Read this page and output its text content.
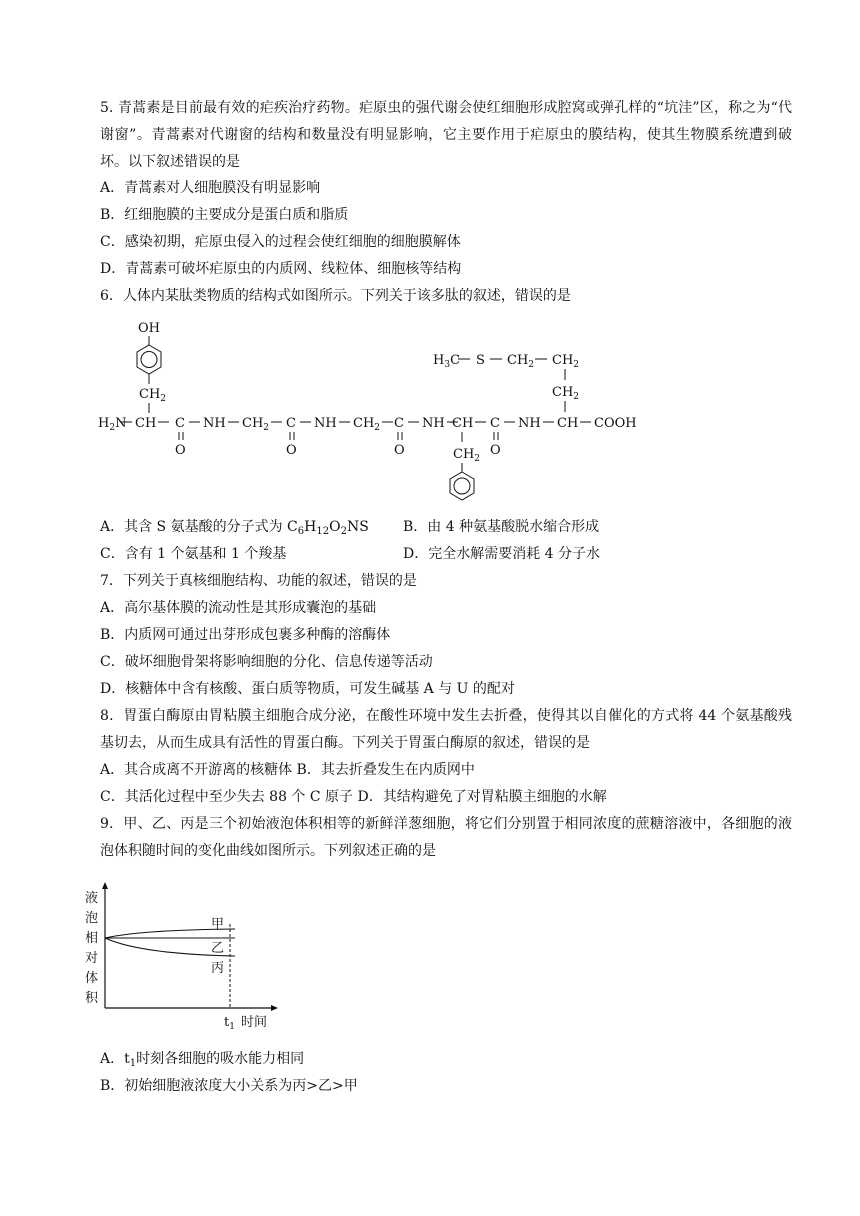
5. 青蒿素是目前最有效的疟疾治疗药物。疟原虫的强代谢会使红细胞形成腔窝或弹孔样的“坑洼”区，称之为“代谢窗”。青蒿素对代谢窗的结构和数量没有明显影响，它主要作用于疟原虫的膜结构，使其生物膜系统遭到破坏。以下叙述错误的是
A．青蒿素对人细胞膜没有明显影响
B．红细胞膜的主要成分是蛋白质和脂质
C．感染初期，疟原虫侵入的过程会使红细胞的细胞膜解体
D．青蒿素可破坏疟原虫的内质网、线粒体、细胞核等结构
6．人体内某肽类物质的结构式如图所示。下列关于该多肽的叙述，错误的是
OH
$CH_2$
$H_2N$ CH C
O
NH $CH_2$ C
O
NH $CH_2$ C
O
NH CH C
O
NH CH COOH
$CH_2$
$H_3C$ S $CH_2$ $CH_2$
$CH_2$
A．其含 S 氨基酸的分子式为 $C_6H_{12}O_2NS$ B．由 4 种氨基酸脱水缩合形成
C．含有 1 个氨基和 1 个羧基	D．完全水解需要消耗 4 分子水
7．下列关于真核细胞结构、功能的叙述，错误的是
A．高尔基体膜的流动性是其形成囊泡的基础
B．内质网可通过出芽形成包裹多种酶的溶酶体
C．破坏细胞骨架将影响细胞的分化、信息传递等活动
D．核糖体中含有核酸、蛋白质等物质，可发生碱基 A 与 U 的配对
8．胃蛋白酶原由胃粘膜主细胞合成分泌，在酸性环境中发生去折叠，使得其以自催化的方式将 44 个氨基酸残基切去，从而生成具有活性的胃蛋白酶。下列关于胃蛋白酶原的叙述，错误的是
A．其合成离不开游离的核糖体 B．其去折叠发生在内质网中
C．其活化过程中至少失去 88 个 C 原子 D．其结构避免了对胃粘膜主细胞的水解
9．甲、乙、丙是三个初始液泡体积相等的新鲜洋葱细胞，将它们分别置于相同浓度的蔗糖溶液中，各细胞的液泡体积随时间的变化曲线如图所示。下列叙述正确的是
液
泡
相
对
体
积
甲
乙
丙
$t_1$ 时间
A．$t_1$时刻各细胞的吸水能力相同
B．初始细胞液浓度大小关系为丙>乙>甲
